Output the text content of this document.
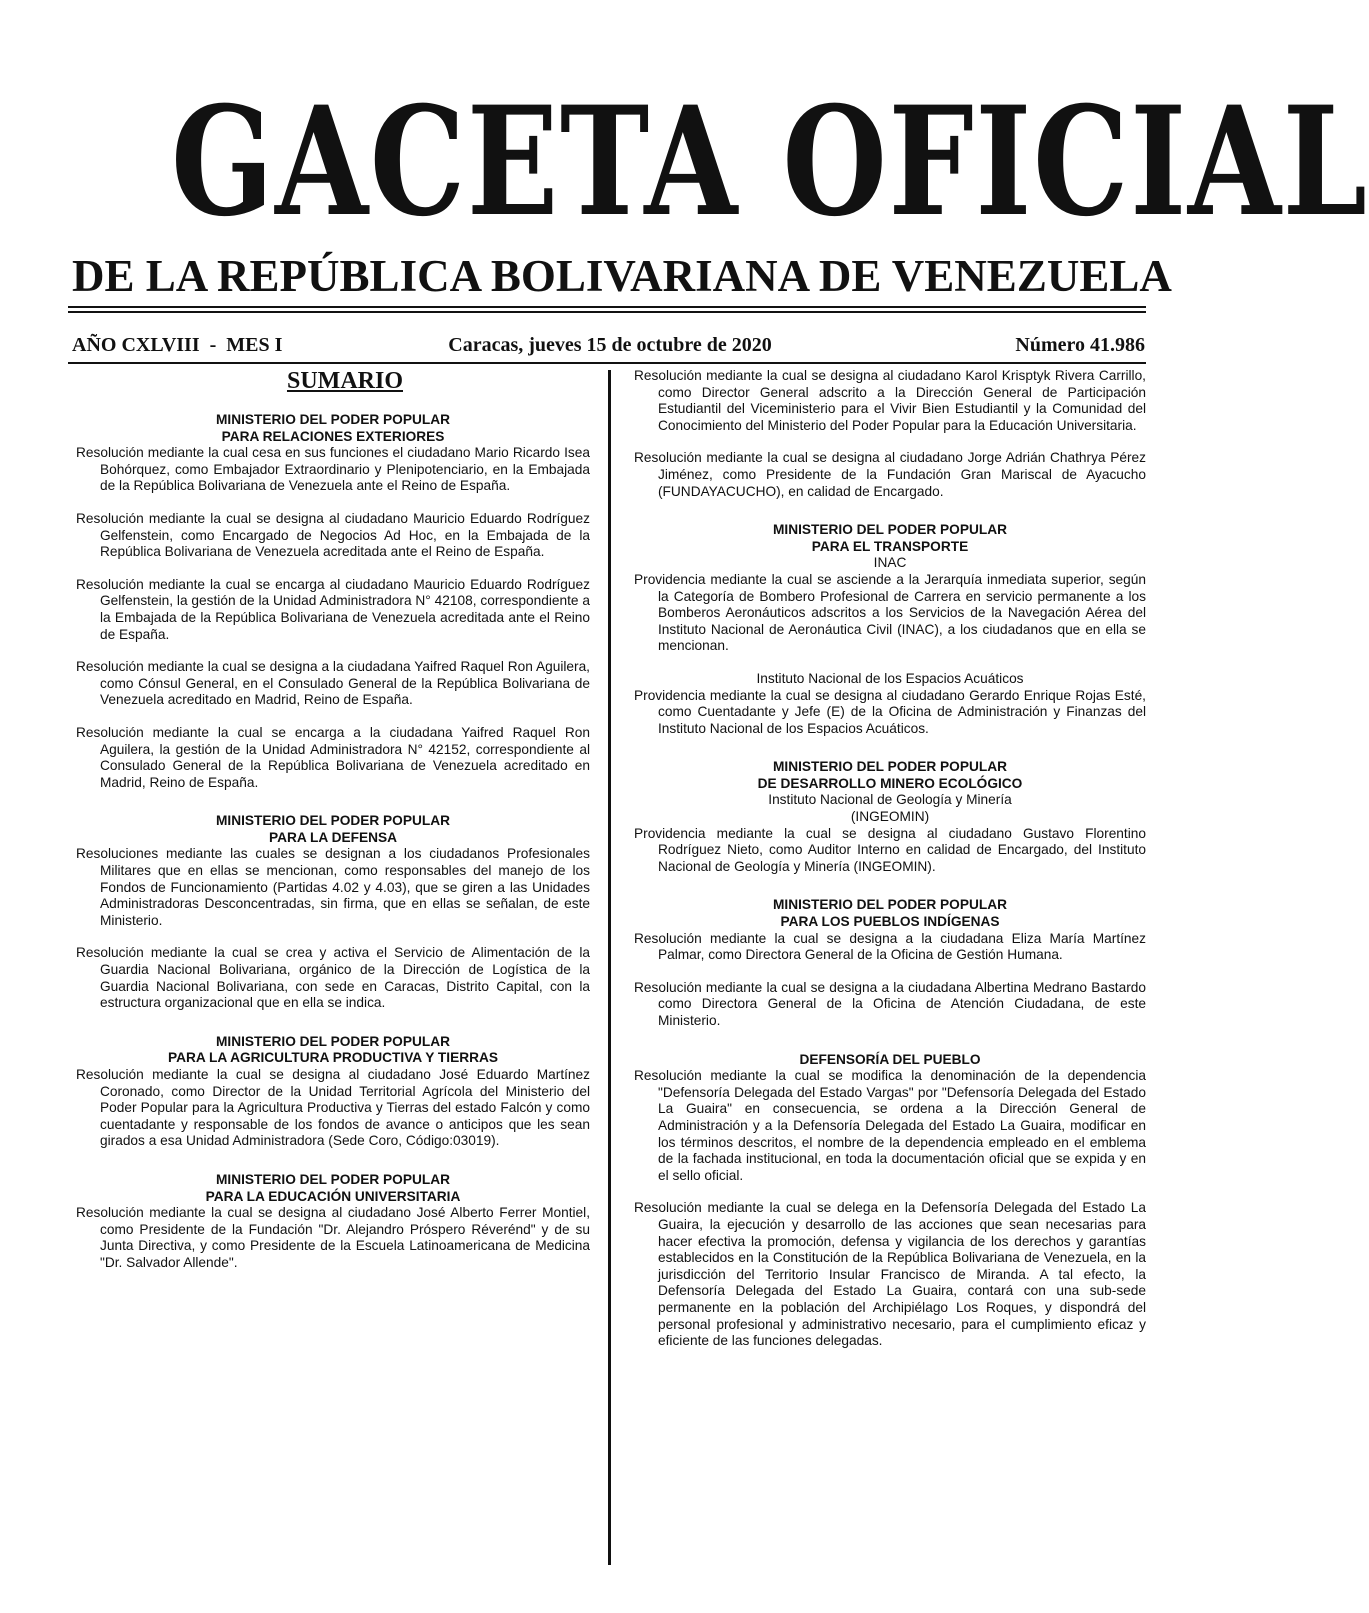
GACETA OFICIAL
DE LA REPÚBLICA BOLIVARIANA DE VENEZUELA
AÑO CXLVIII  -  MES I	Caracas, jueves 15 de octubre de 2020	Número 41.986
SUMARIO

MINISTERIO DEL PODER POPULAR

PARA RELACIONES EXTERIORES

Resolución mediante la cual cesa en sus funciones el ciudadano Mario Ricardo Isea Bohórquez, como Embajador Extraordinario y Plenipotenciario, en la Embajada de la República Bolivariana de Venezuela ante el Reino de España.

Resolución mediante la cual se designa al ciudadano Mauricio Eduardo Rodríguez Gelfenstein, como Encargado de Negocios Ad Hoc, en la Embajada de la República Bolivariana de Venezuela acreditada ante el Reino de España.

Resolución mediante la cual se encarga al ciudadano Mauricio Eduardo Rodríguez Gelfenstein, la gestión de la Unidad Administradora N° 42108, correspondiente a la Embajada de la República Bolivariana de Venezuela acreditada ante el Reino de España.

Resolución mediante la cual se designa a la ciudadana Yaifred Raquel Ron Aguilera, como Cónsul General, en el Consulado General de la República Bolivariana de Venezuela acreditado en Madrid, Reino de España.

Resolución mediante la cual se encarga a la ciudadana Yaifred Raquel Ron Aguilera, la gestión de la Unidad Administradora N° 42152, correspondiente al Consulado General de la República Bolivariana de Venezuela acreditado en Madrid, Reino de España.

MINISTERIO DEL PODER POPULAR

PARA LA DEFENSA

Resoluciones mediante las cuales se designan a los ciudadanos Profesionales Militares que en ellas se mencionan, como responsables del manejo de los Fondos de Funcionamiento (Partidas 4.02 y 4.03), que se giren a las Unidades Administradoras Desconcentradas, sin firma, que en ellas se señalan, de este Ministerio.

Resolución mediante la cual se crea y activa el Servicio de Alimentación de la Guardia Nacional Bolivariana, orgánico de la Dirección de Logística de la Guardia Nacional Bolivariana, con sede en Caracas, Distrito Capital, con la estructura organizacional que en ella se indica.

MINISTERIO DEL PODER POPULAR

PARA LA AGRICULTURA PRODUCTIVA Y TIERRAS

Resolución mediante la cual se designa al ciudadano José Eduardo Martínez Coronado, como Director de la Unidad Territorial Agrícola del Ministerio del Poder Popular para la Agricultura Productiva y Tierras del estado Falcón y como cuentadante y responsable de los fondos de avance o anticipos que les sean girados a esa Unidad Administradora (Sede Coro, Código:03019).

MINISTERIO DEL PODER POPULAR

PARA LA EDUCACIÓN UNIVERSITARIA

Resolución mediante la cual se designa al ciudadano José Alberto Ferrer Montiel, como Presidente de la Fundación "Dr. Alejandro Próspero Réverénd" y de su Junta Directiva, y como Presidente de la Escuela Latinoamericana de Medicina "Dr. Salvador Allende".

Resolución mediante la cual se designa al ciudadano Karol Krisptyk Rivera Carrillo, como Director General adscrito a la Dirección General de Participación Estudiantil del Viceministerio para el Vivir Bien Estudiantil y la Comunidad del Conocimiento del Ministerio del Poder Popular para la Educación Universitaria.

Resolución mediante la cual se designa al ciudadano Jorge Adrián Chathrya Pérez Jiménez, como Presidente de la Fundación Gran Mariscal de Ayacucho (FUNDAYACUCHO), en calidad de Encargado.

MINISTERIO DEL PODER POPULAR

PARA EL TRANSPORTE

INAC

Providencia mediante la cual se asciende a la Jerarquía inmediata superior, según la Categoría de Bombero Profesional de Carrera en servicio permanente a los Bomberos Aeronáuticos adscritos a los Servicios de la Navegación Aérea del Instituto Nacional de Aeronáutica Civil (INAC), a los ciudadanos que en ella se mencionan.

Instituto Nacional de los Espacios Acuáticos

Providencia mediante la cual se designa al ciudadano Gerardo Enrique Rojas Esté, como Cuentadante y Jefe (E) de la Oficina de Administración y Finanzas del Instituto Nacional de los Espacios Acuáticos.

MINISTERIO DEL PODER POPULAR

DE DESARROLLO MINERO ECOLÓGICO

Instituto Nacional de Geología y Minería

(INGEOMIN)

Providencia mediante la cual se designa al ciudadano Gustavo Florentino Rodríguez Nieto, como Auditor Interno en calidad de Encargado, del Instituto Nacional de Geología y Minería (INGEOMIN).

MINISTERIO DEL PODER POPULAR

PARA LOS PUEBLOS INDÍGENAS

Resolución mediante la cual se designa a la ciudadana Eliza María Martínez Palmar, como Directora General de la Oficina de Gestión Humana.

Resolución mediante la cual se designa a la ciudadana Albertina Medrano Bastardo como Directora General de la Oficina de Atención Ciudadana, de este Ministerio.

DEFENSORÍA DEL PUEBLO

Resolución mediante la cual se modifica la denominación de la dependencia "Defensoría Delegada del Estado Vargas" por "Defensoría Delegada del Estado La Guaira" en consecuencia, se ordena a la Dirección General de Administración y a la Defensoría Delegada del Estado La Guaira, modificar en los términos descritos, el nombre de la dependencia empleado en el emblema de la fachada institucional, en toda la documentación oficial que se expida y en el sello oficial.

Resolución mediante la cual se delega en la Defensoría Delegada del Estado La Guaira, la ejecución y desarrollo de las acciones que sean necesarias para hacer efectiva la promoción, defensa y vigilancia de los derechos y garantías establecidos en la Constitución de la República Bolivariana de Venezuela, en la jurisdicción del Territorio Insular Francisco de Miranda. A tal efecto, la Defensoría Delegada del Estado La Guaira, contará con una sub-sede permanente en la población del Archipiélago Los Roques, y dispondrá del personal profesional y administrativo necesario, para el cumplimiento eficaz y eficiente de las funciones delegadas.
